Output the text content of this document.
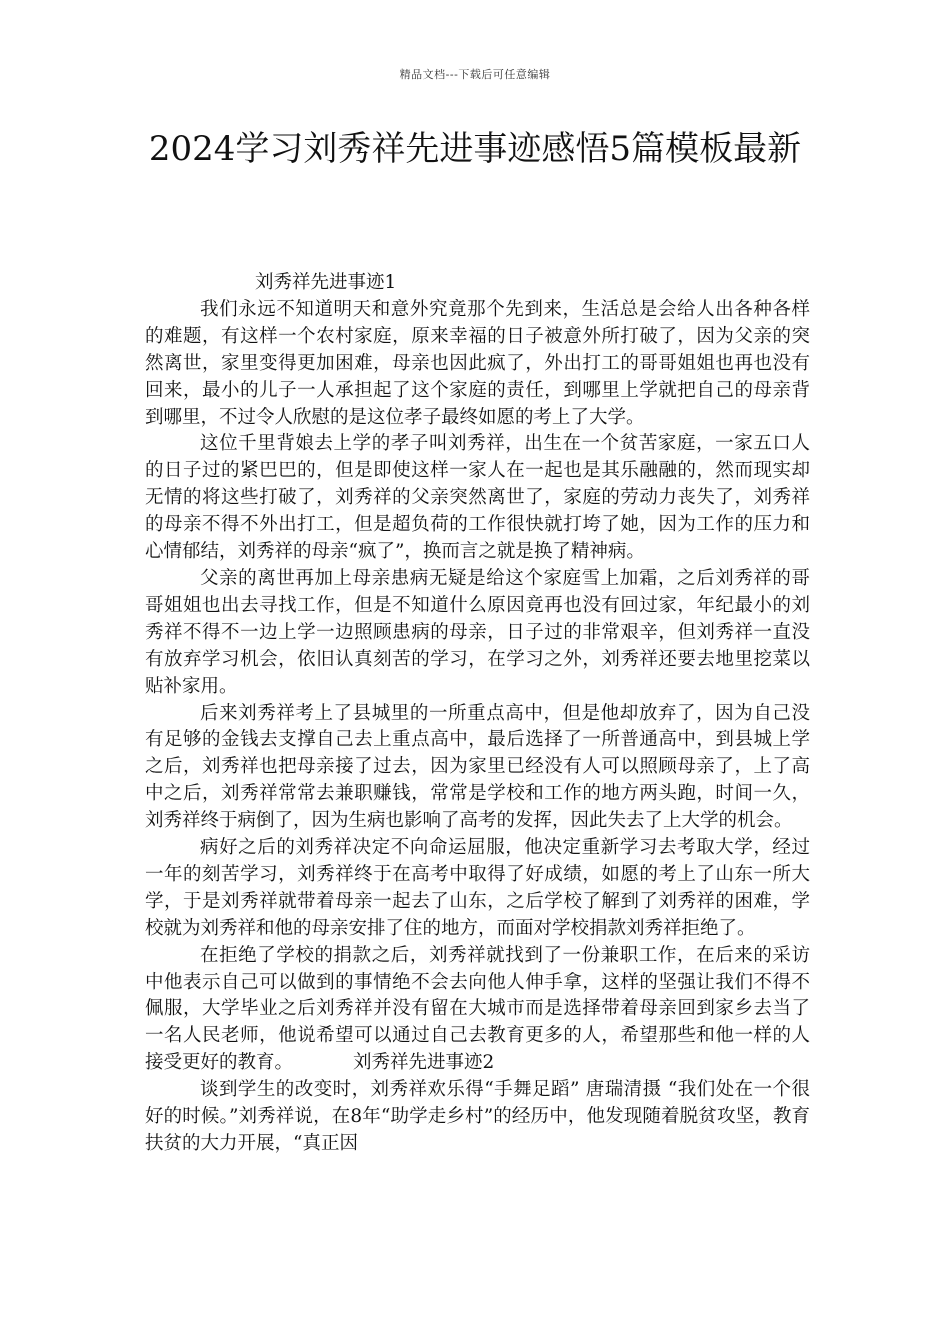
精品文档---下载后可任意编辑
2024学习刘秀祥先进事迹感悟5篇模板最新

刘秀祥先进事迹1

我们永远不知道明天和意外究竟那个先到来，生活总是会给人出各种各样的难题，有这样一个农村家庭，原来幸福的日子被意外所打破了，因为父亲的突然离世，家里变得更加困难，母亲也因此疯了，外出打工的哥哥姐姐也再也没有回来，最小的儿子一人承担起了这个家庭的责任，到哪里上学就把自己的母亲背到哪里，不过令人欣慰的是这位孝子最终如愿的考上了大学。

这位千里背娘去上学的孝子叫刘秀祥，出生在一个贫苦家庭，一家五口人的日子过的紧巴巴的，但是即使这样一家人在一起也是其乐融融的，然而现实却无情的将这些打破了，刘秀祥的父亲突然离世了，家庭的劳动力丧失了，刘秀祥的母亲不得不外出打工，但是超负荷的工作很快就打垮了她，因为工作的压力和心情郁结，刘秀祥的母亲“疯了”，换而言之就是换了精神病。

父亲的离世再加上母亲患病无疑是给这个家庭雪上加霜，之后刘秀祥的哥哥姐姐也出去寻找工作，但是不知道什么原因竟再也没有回过家，年纪最小的刘秀祥不得不一边上学一边照顾患病的母亲，日子过的非常艰辛，但刘秀祥一直没有放弃学习机会，依旧认真刻苦的学习，在学习之外，刘秀祥还要去地里挖菜以贴补家用。

后来刘秀祥考上了县城里的一所重点高中，但是他却放弃了，因为自己没有足够的金钱去支撑自己去上重点高中，最后选择了一所普通高中，到县城上学之后，刘秀祥也把母亲接了过去，因为家里已经没有人可以照顾母亲了，上了高中之后，刘秀祥常常去兼职赚钱，常常是学校和工作的地方两头跑，时间一久，刘秀祥终于病倒了，因为生病也影响了高考的发挥，因此失去了上大学的机会。

病好之后的刘秀祥决定不向命运屈服，他决定重新学习去考取大学，经过一年的刻苦学习，刘秀祥终于在高考中取得了好成绩，如愿的考上了山东一所大学，于是刘秀祥就带着母亲一起去了山东，之后学校了解到了刘秀祥的困难，学校就为刘秀祥和他的母亲安排了住的地方，而面对学校捐款刘秀祥拒绝了。

在拒绝了学校的捐款之后，刘秀祥就找到了一份兼职工作，在后来的采访中他表示自己可以做到的事情绝不会去向他人伸手拿，这样的坚强让我们不得不佩服，大学毕业之后刘秀祥并没有留在大城市而是选择带着母亲回到家乡去当了一名人民老师，他说希望可以通过自己去教育更多的人，希望那些和他一样的人接受更好的教育。	刘秀祥先进事迹2

谈到学生的改变时，刘秀祥欢乐得“手舞足蹈” 唐瑞清摄 “我们处在一个很好的时候。”刘秀祥说，在8年“助学走乡村”的经历中，他发现随着脱贫攻坚，教育扶贫的大力开展，“真正因
